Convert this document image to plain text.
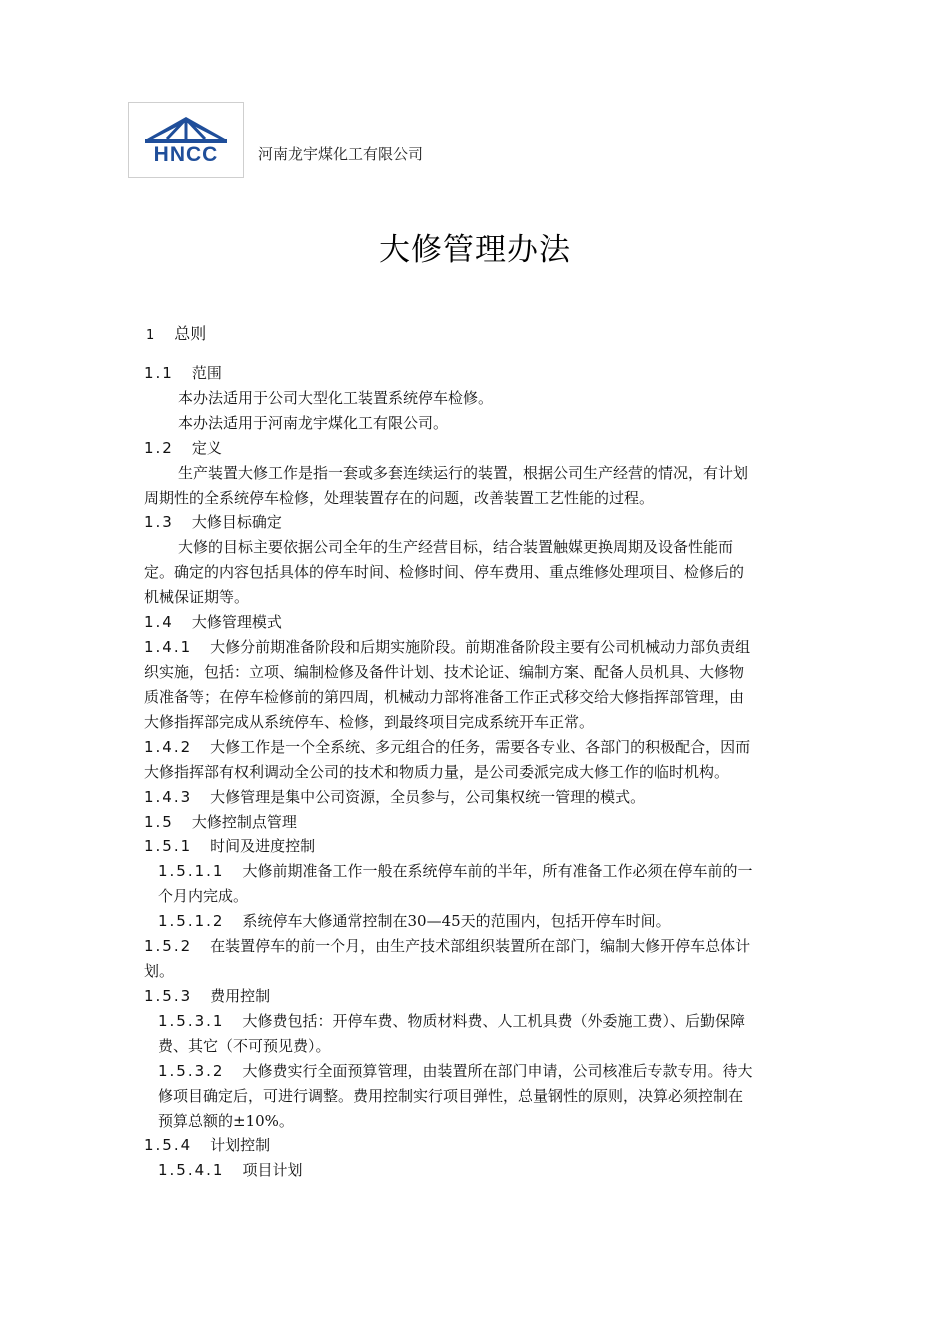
HNCC	河南龙宇煤化工有限公司
大修管理办法
1 总则
1.1 范围
本办法适用于公司大型化工装置系统停车检修。
本办法适用于河南龙宇煤化工有限公司。
1.2 定义
生产装置大修工作是指一套或多套连续运行的装置，根据公司生产经营的情况，有计划
周期性的全系统停车检修，处理装置存在的问题，改善装置工艺性能的过程。
1.3 大修目标确定
大修的目标主要依据公司全年的生产经营目标，结合装置触媒更换周期及设备性能而
定。确定的内容包括具体的停车时间、检修时间、停车费用、重点维修处理项目、检修后的
机械保证期等。
1.4 大修管理模式
1.4.1 大修分前期准备阶段和后期实施阶段。前期准备阶段主要有公司机械动力部负责组
织实施，包括：立项、编制检修及备件计划、技术论证、编制方案、配备人员机具、大修物
质准备等；在停车检修前的第四周，机械动力部将准备工作正式移交给大修指挥部管理，由
大修指挥部完成从系统停车、检修，到最终项目完成系统开车正常。
1.4.2 大修工作是一个全系统、多元组合的任务，需要各专业、各部门的积极配合，因而
大修指挥部有权利调动全公司的技术和物质力量，是公司委派完成大修工作的临时机构。
1.4.3 大修管理是集中公司资源，全员参与，公司集权统一管理的模式。
1.5 大修控制点管理
1.5.1 时间及进度控制
1.5.1.1 大修前期准备工作一般在系统停车前的半年，所有准备工作必须在停车前的一
个月内完成。
1.5.1.2 系统停车大修通常控制在30—45天的范围内，包括开停车时间。
1.5.2 在装置停车的前一个月，由生产技术部组织装置所在部门，编制大修开停车总体计
划。
1.5.3 费用控制
1.5.3.1 大修费包括：开停车费、物质材料费、人工机具费（外委施工费）、后勤保障
费、其它（不可预见费）。
1.5.3.2 大修费实行全面预算管理，由装置所在部门申请，公司核准后专款专用。待大
修项目确定后，可进行调整。费用控制实行项目弹性，总量钢性的原则，决算必须控制在
预算总额的±10%。
1.5.4 计划控制
1.5.4.1 项目计划
